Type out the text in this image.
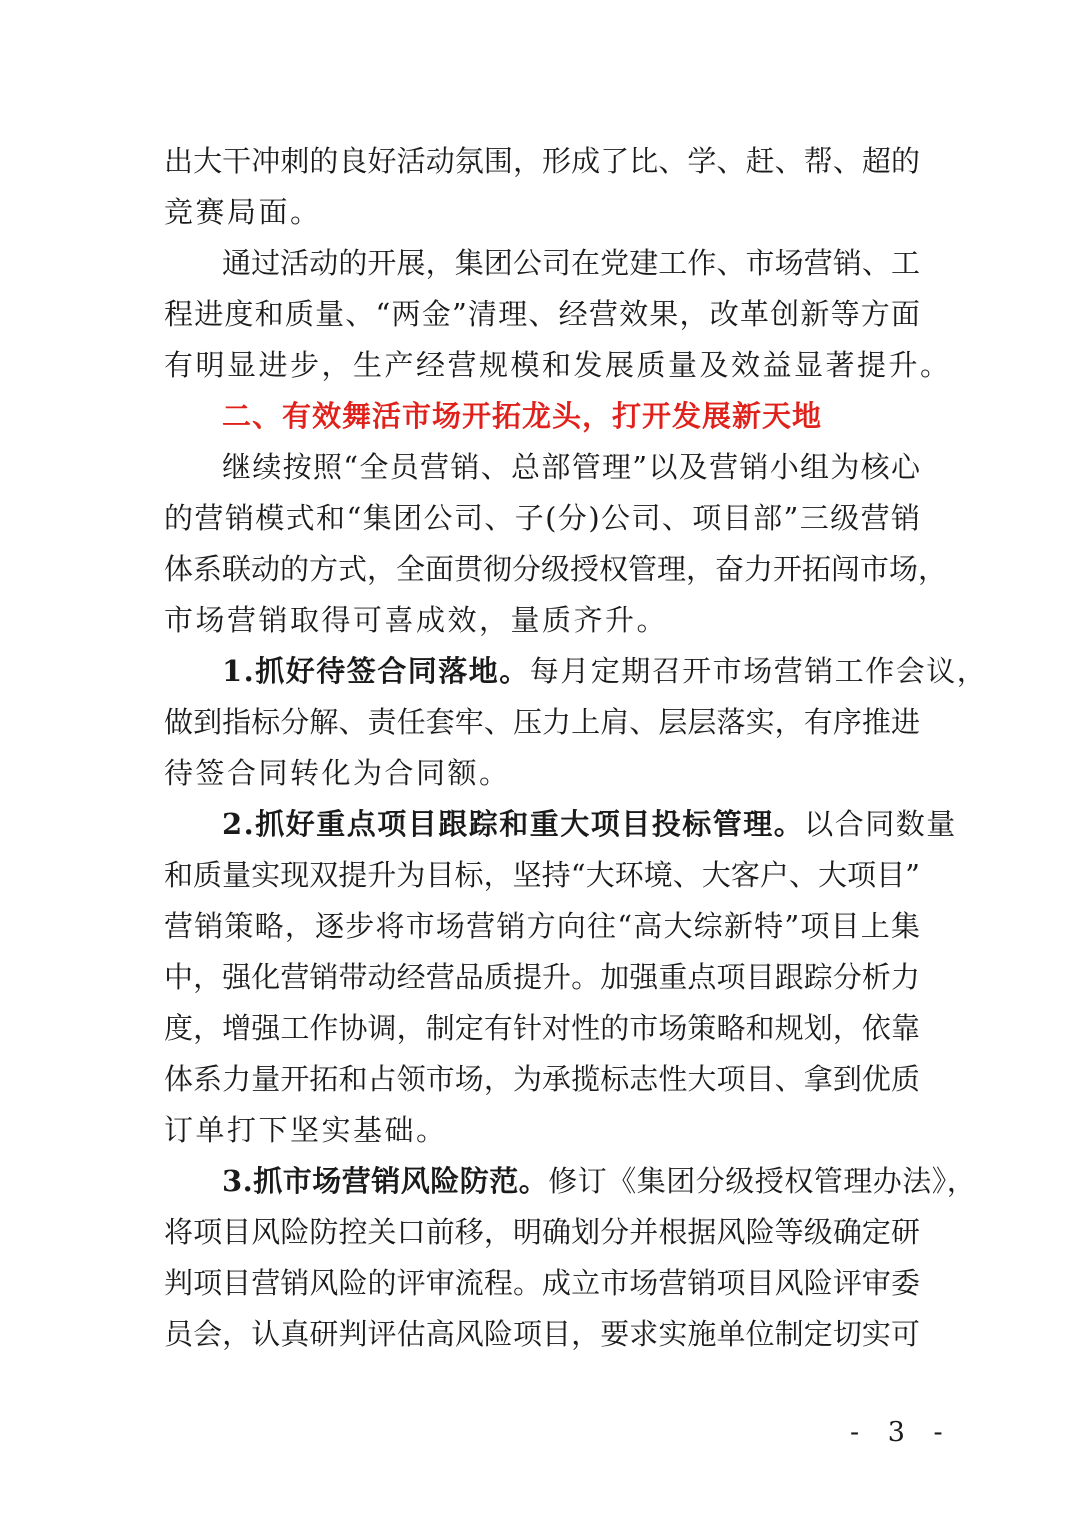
出大干冲刺的良好活动氛围，形成了比、学、赶、帮、超的
竞赛局面。
通过活动的开展，集团公司在党建工作、市场营销、工
程进度和质量、“两金”清理、经营效果，改革创新等方面
有明显进步，生产经营规模和发展质量及效益显著提升。
二、有效舞活市场开拓龙头，打开发展新天地
继续按照“全员营销、总部管理”以及营销小组为核心
的营销模式和“集团公司、子(分)公司、项目部”三级营销
体系联动的方式，全面贯彻分级授权管理，奋力开拓闯市场，
市场营销取得可喜成效，量质齐升。
1.抓好待签合同落地。每月定期召开市场营销工作会议，
做到指标分解、责任套牢、压力上肩、层层落实，有序推进
待签合同转化为合同额。
2.抓好重点项目跟踪和重大项目投标管理。以合同数量
和质量实现双提升为目标，坚持“大环境、大客户、大项目”
营销策略，逐步将市场营销方向往“高大综新特”项目上集
中，强化营销带动经营品质提升。加强重点项目跟踪分析力
度，增强工作协调，制定有针对性的市场策略和规划，依靠
体系力量开拓和占领市场，为承揽标志性大项目、拿到优质
订单打下坚实基础。
3.抓市场营销风险防范。修订《集团分级授权管理办法》，
将项目风险防控关口前移，明确划分并根据风险等级确定研
判项目营销风险的评审流程。成立市场营销项目风险评审委
员会，认真研判评估高风险项目，要求实施单位制定切实可
- 3 -
